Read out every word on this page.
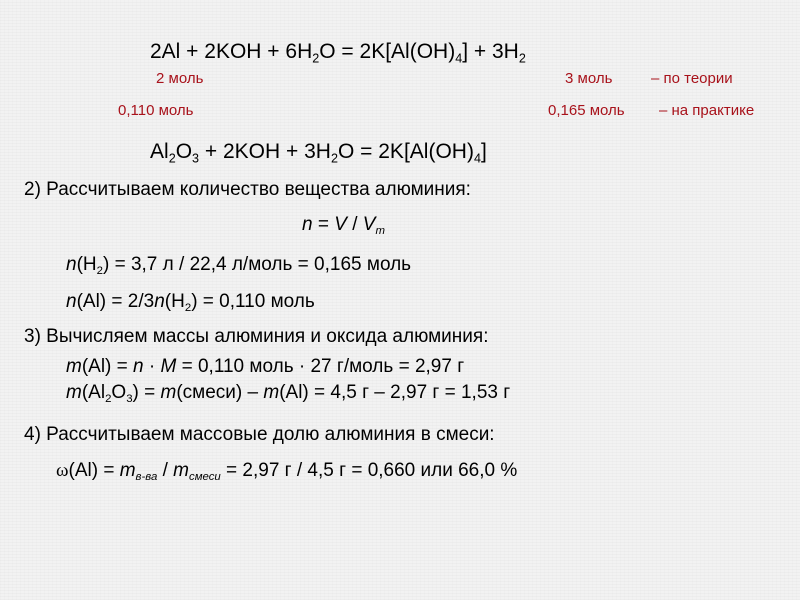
$2Al + 2KOH + 6H_2O = 2K[Al(OH)_4] + 3H_2$
2 моль	3 моль	– по теории
0,110 моль	0,165 моль – на практике
$Al_2O_3 + 2KOH + 3H_2O = 2K[Al(OH)_4]$
2) Рассчитываем количество вещества алюминия:
$n = V / V_m$
$n(H_2) = 3,7$ л / 22,4 л/моль = 0,165 моль
$n(Al) = 2/3n(H_2) = 0,110$ моль
3) Вычисляем массы алюминия и оксида алюминия:
m(Al) = n · M = 0,110 моль · 27 г/моль = 2,97 г
$m(Al_2O_3)$ = m(смеси) – m(Al) = 4,5 г – 2,97 г = 1,53 г
4) Рассчитываем массовые долю алюминия в смеси:
$\omega(Al) = m_{в-ва} / m_{смеси} = 2,97$ г / 4,5 г = 0,660 или 66,0 %
